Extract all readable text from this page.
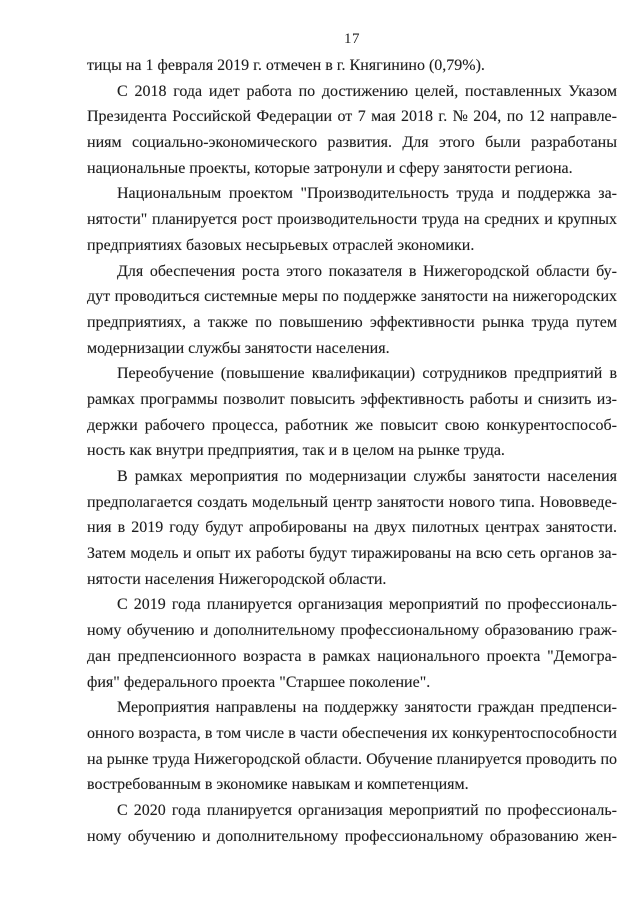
17
тицы на 1 февраля 2019 г. отмечен в г. Княгинино (0,79%).
С 2018 года идет работа по достижению целей, поставленных Указом
Президента Российской Федерации от 7 мая 2018 г. № 204, по 12 направле-
ниям социально-экономического развития. Для этого были разработаны
национальные проекты, которые затронули и сферу занятости региона.
Национальным проектом "Производительность труда и поддержка за-
нятости" планируется рост производительности труда на средних и крупных
предприятиях базовых несырьевых отраслей экономики.
Для обеспечения роста этого показателя в Нижегородской области бу-
дут проводиться системные меры по поддержке занятости на нижегородских
предприятиях, а также по повышению эффективности рынка труда путем
модернизации службы занятости населения.
Переобучение (повышение квалификации) сотрудников предприятий в
рамках программы позволит повысить эффективность работы и снизить из-
держки рабочего процесса, работник же повысит свою конкурентоспособ-
ность как внутри предприятия, так и в целом на рынке труда.
В рамках мероприятия по модернизации службы занятости населения
предполагается создать модельный центр занятости нового типа. Нововведе-
ния в 2019 году будут апробированы на двух пилотных центрах занятости.
Затем модель и опыт их работы будут тиражированы на всю сеть органов за-
нятости населения Нижегородской области.
С 2019 года планируется организация мероприятий по профессиональ-
ному обучению и дополнительному профессиональному образованию граж-
дан предпенсионного возраста в рамках национального проекта "Демогра-
фия" федерального проекта "Старшее поколение".
Мероприятия направлены на поддержку занятости граждан предпенси-
онного возраста, в том числе в части обеспечения их конкурентоспособности
на рынке труда Нижегородской области. Обучение планируется проводить по
востребованным в экономике навыкам и компетенциям.
С 2020 года планируется организация мероприятий по профессиональ-
ному обучению и дополнительному профессиональному образованию жен-
